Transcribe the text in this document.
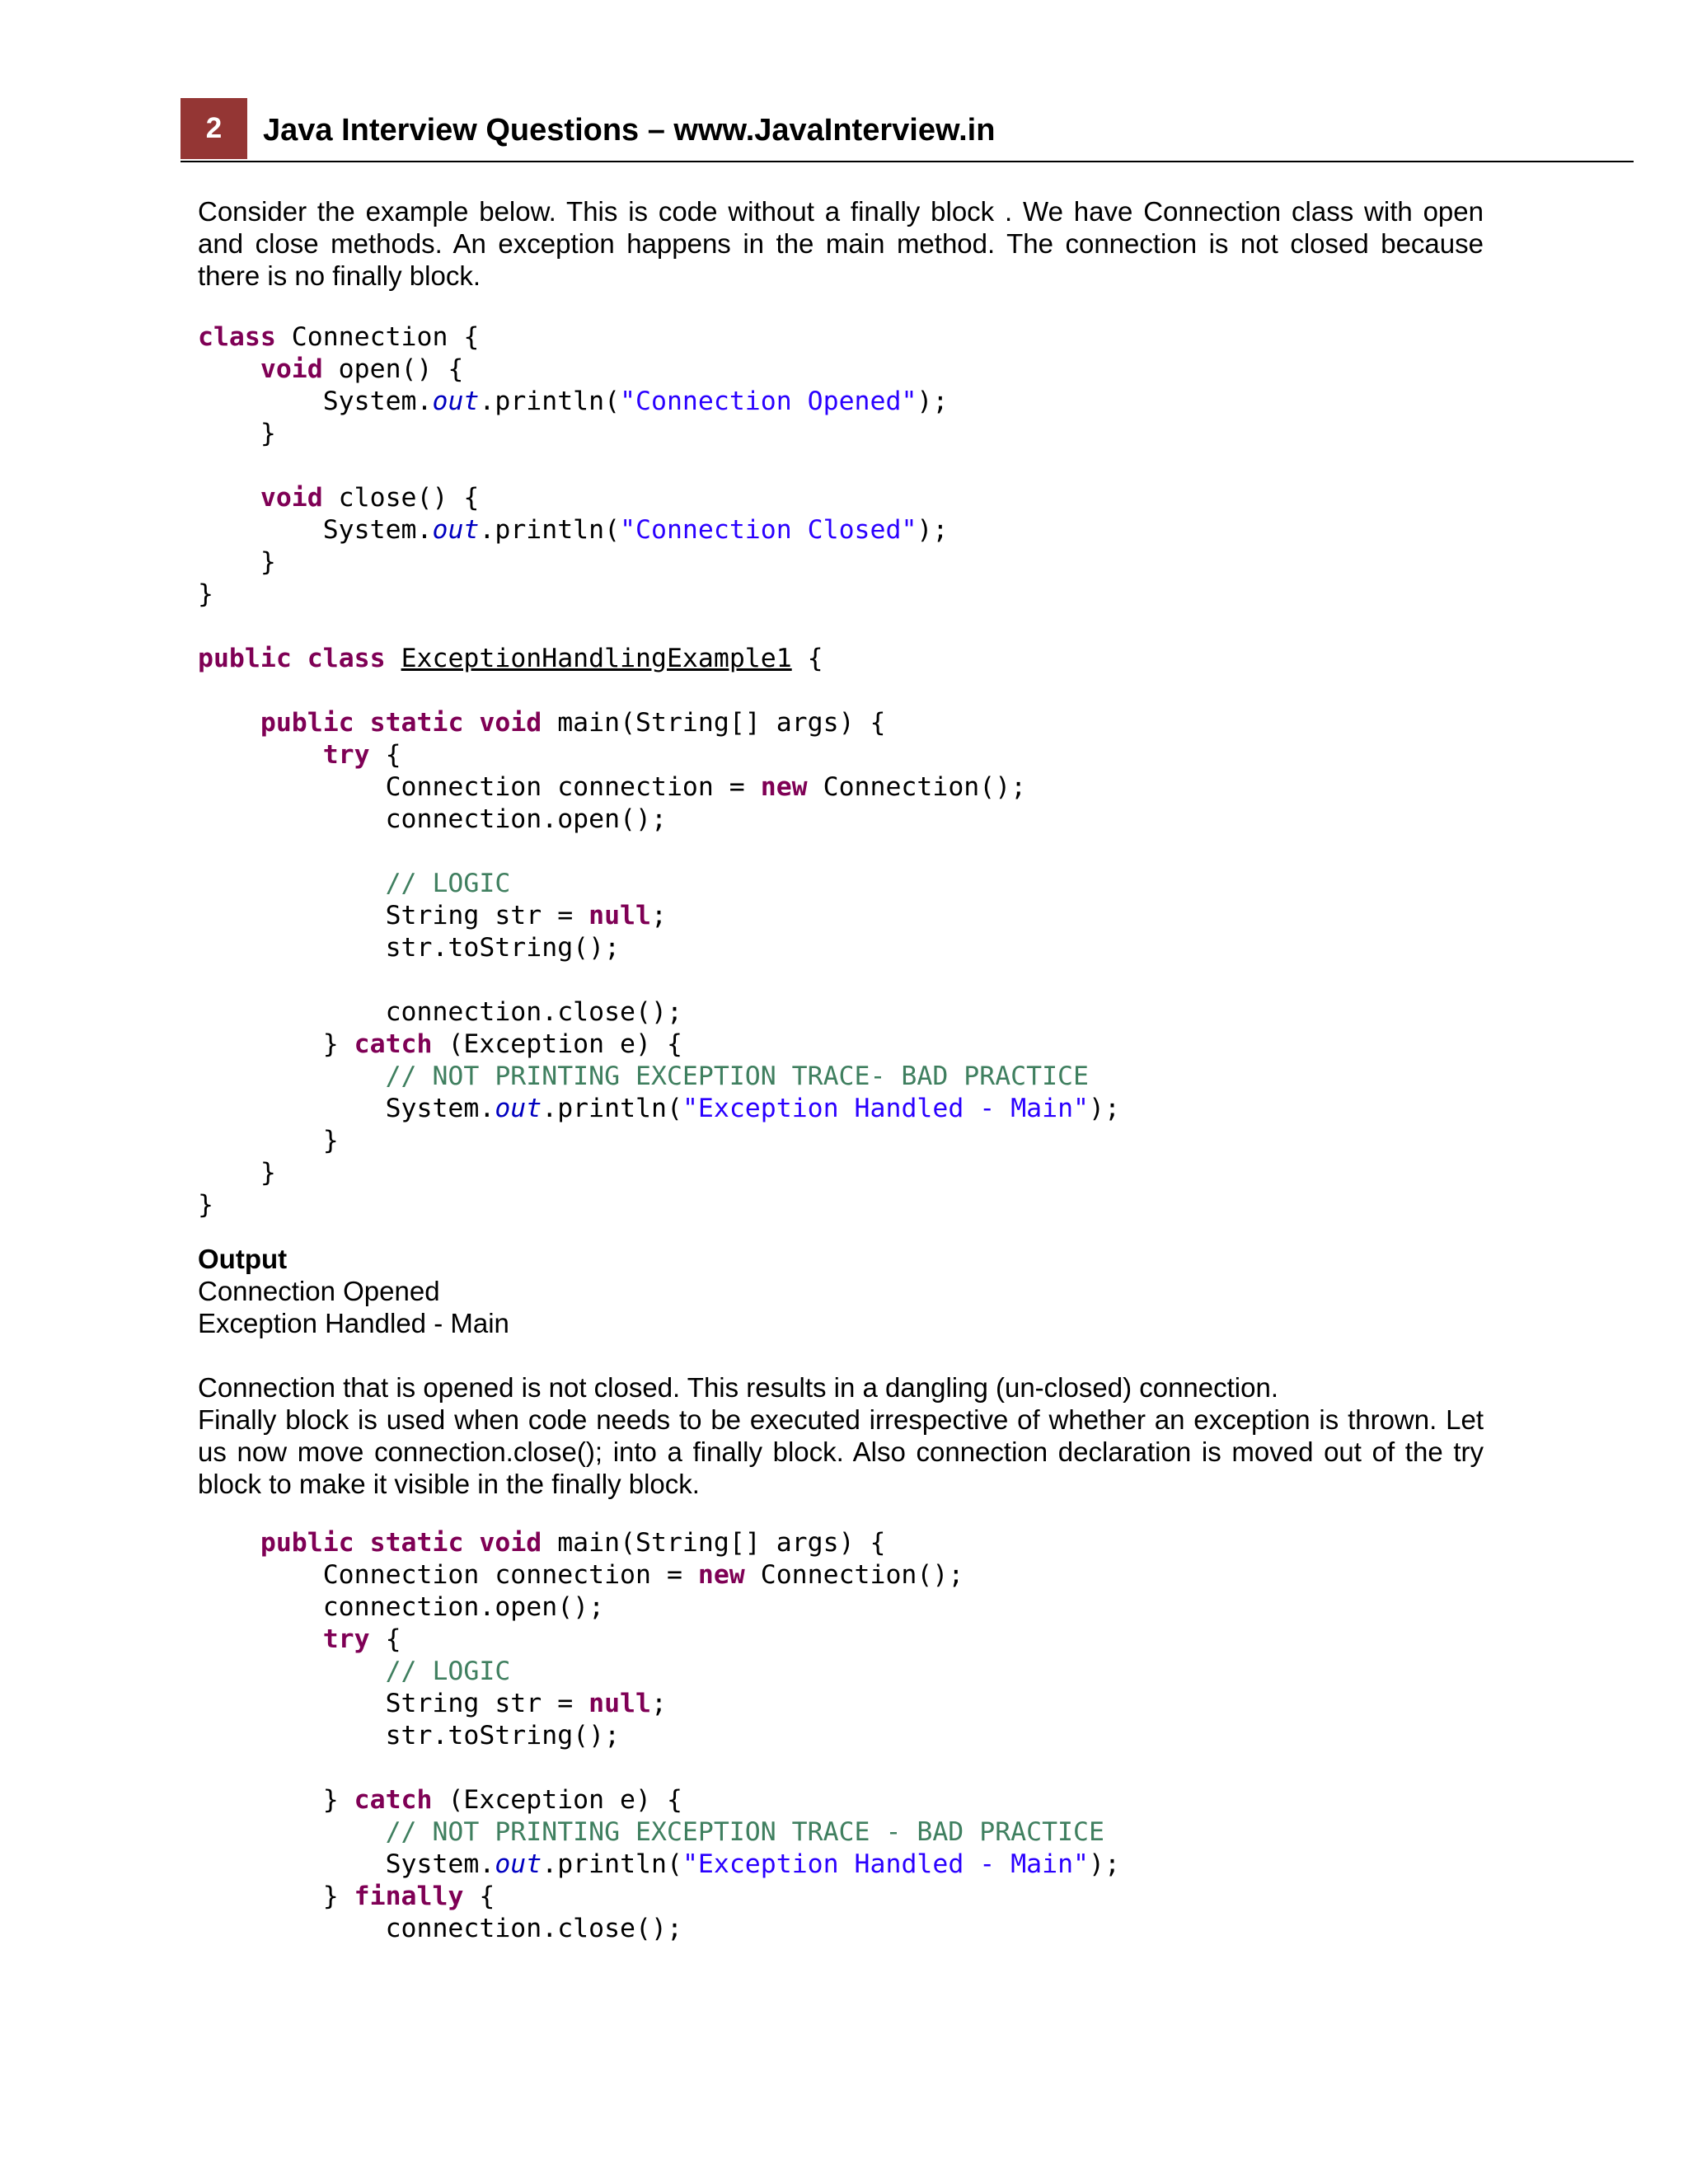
2	Java Interview Questions – www.JavaInterview.in
Consider the example below. This is code without a finally block . We have Connection class with open
and close methods. An exception happens in the main method. The connection is not closed because
there is no finally block.
class Connection {
void open() {
System.out.println("Connection Opened");
}

void close() {
System.out.println("Connection Closed");
}
}

public class ExceptionHandlingExample1 {

public static void main(String[] args) {
try {
Connection connection = new Connection();
connection.open();

// LOGIC
String str = null;
str.toString();

connection.close();
} catch (Exception e) {
// NOT PRINTING EXCEPTION TRACE- BAD PRACTICE
System.out.println("Exception Handled - Main");
}
}
}
Output
Connection Opened
Exception Handled - Main
Connection that is opened is not closed. This results in a dangling (un-closed) connection.
Finally block is used when code needs to be executed irrespective of whether an exception is thrown. Let
us now move connection.close(); into a finally block. Also connection declaration is moved out of the try
block to make it visible in the finally block.
public static void main(String[] args) {
Connection connection = new Connection();
connection.open();
try {
// LOGIC
String str = null;
str.toString();

} catch (Exception e) {
// NOT PRINTING EXCEPTION TRACE - BAD PRACTICE
System.out.println("Exception Handled - Main");
} finally {
connection.close();
